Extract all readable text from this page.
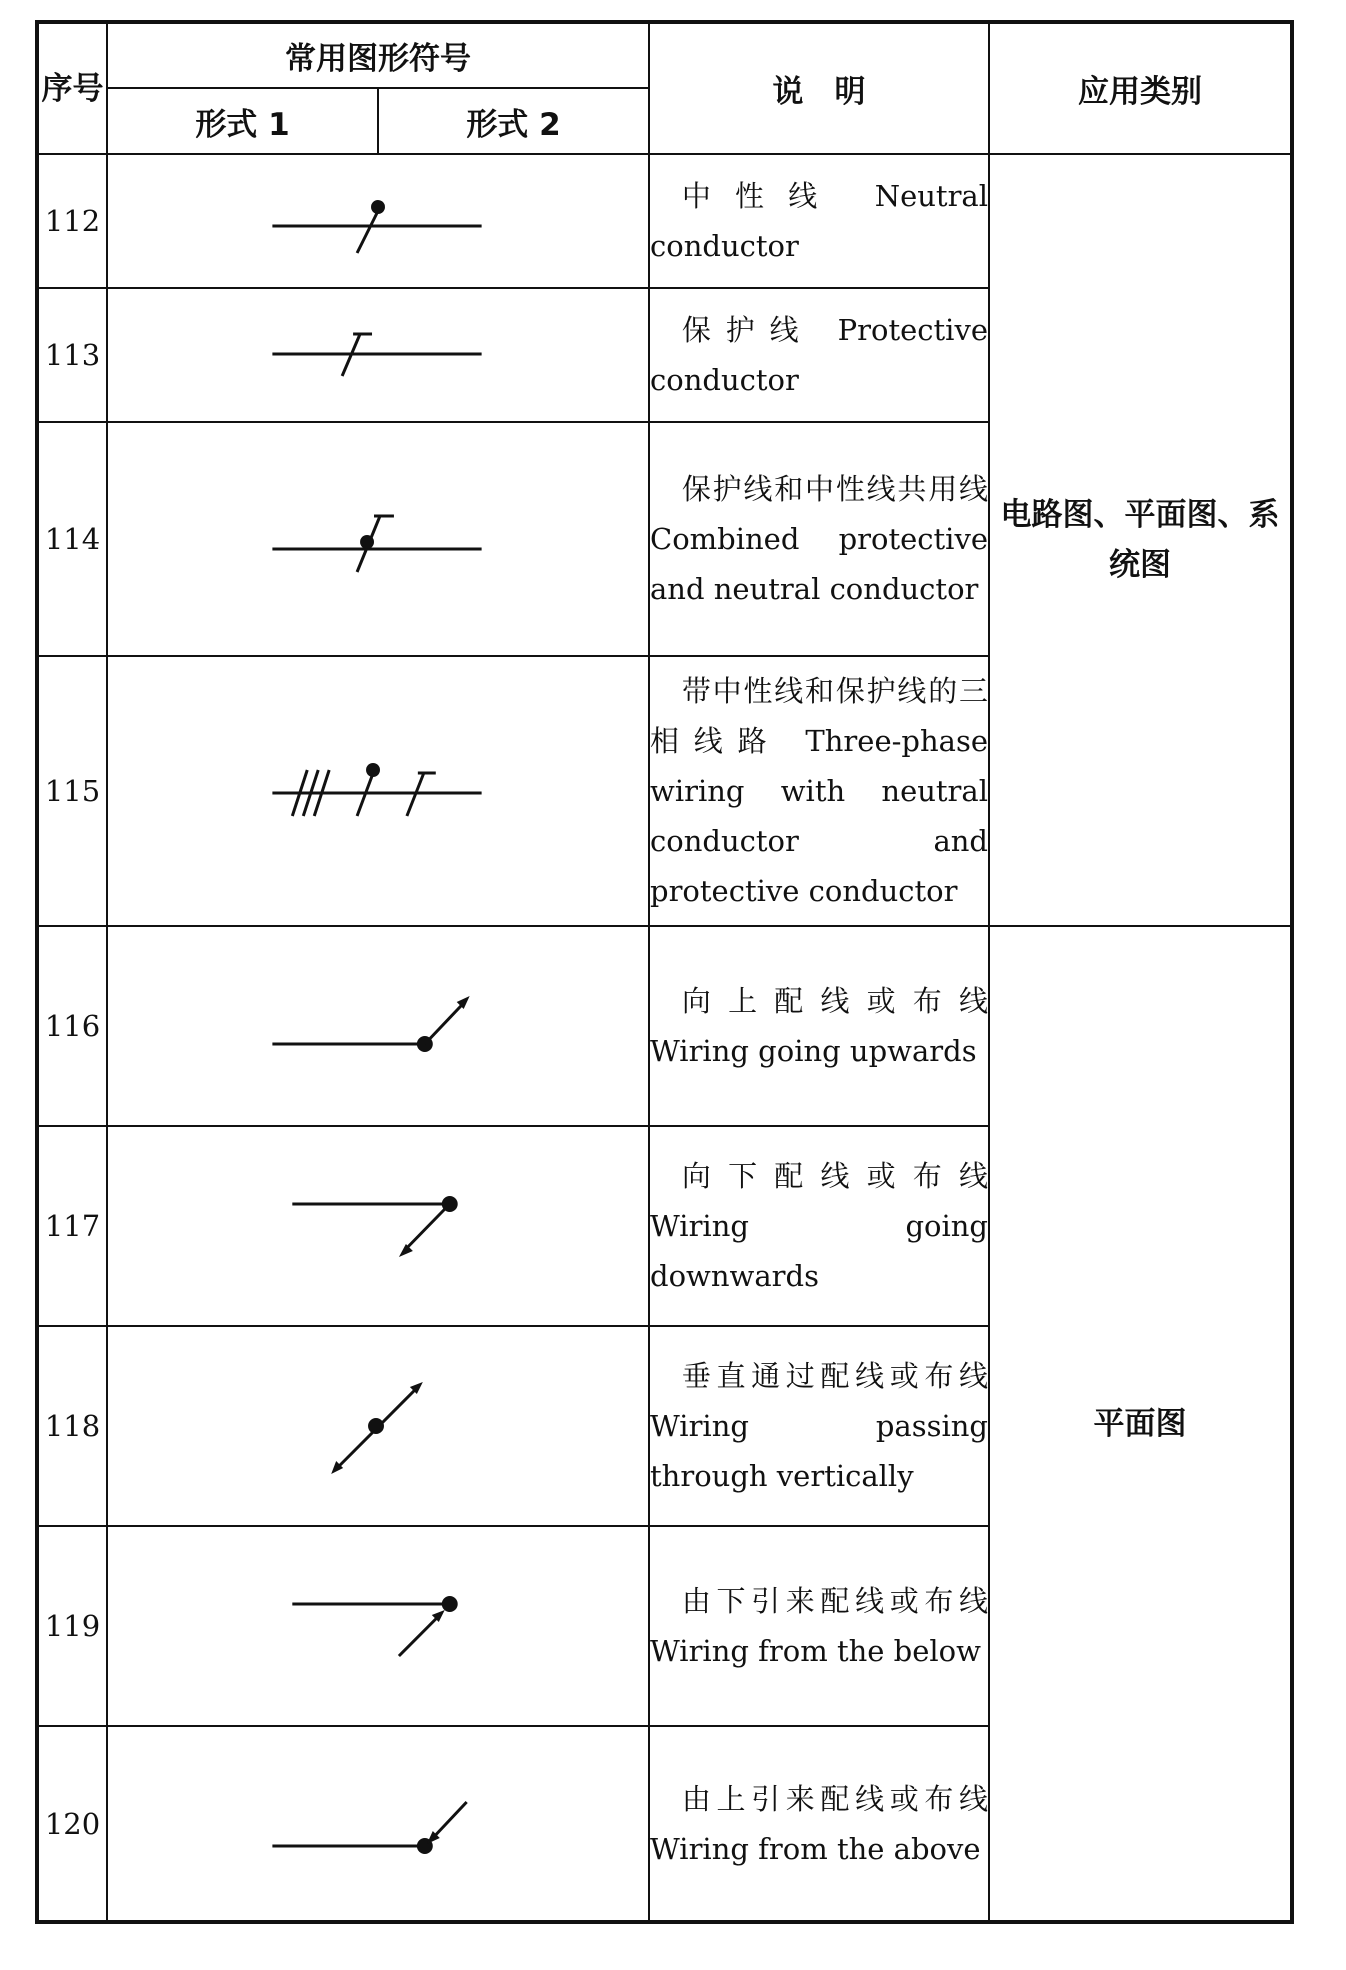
序号	常用图形符号		说　明	应用类别
	形式 1	形式 2		
112			中性线 Neutral conductor	电路图、平面图、系统图
113			保护线 Protective conductor	

114			保护线和中性线共用线 Combined protective and neutral conductor	

115			带中性线和保护线的三相线路 Three-phase wiring with neutral conductor and protective conductor	

116			向上配线或布线 Wiring going upwards	平面图
117			向下配线或布线 Wiring going downwards	

118			垂直通过配线或布线 Wiring passing through vertically	

119			由下引来配线或布线 Wiring from the below	

120			由上引来配线或布线 Wiring from the above	
